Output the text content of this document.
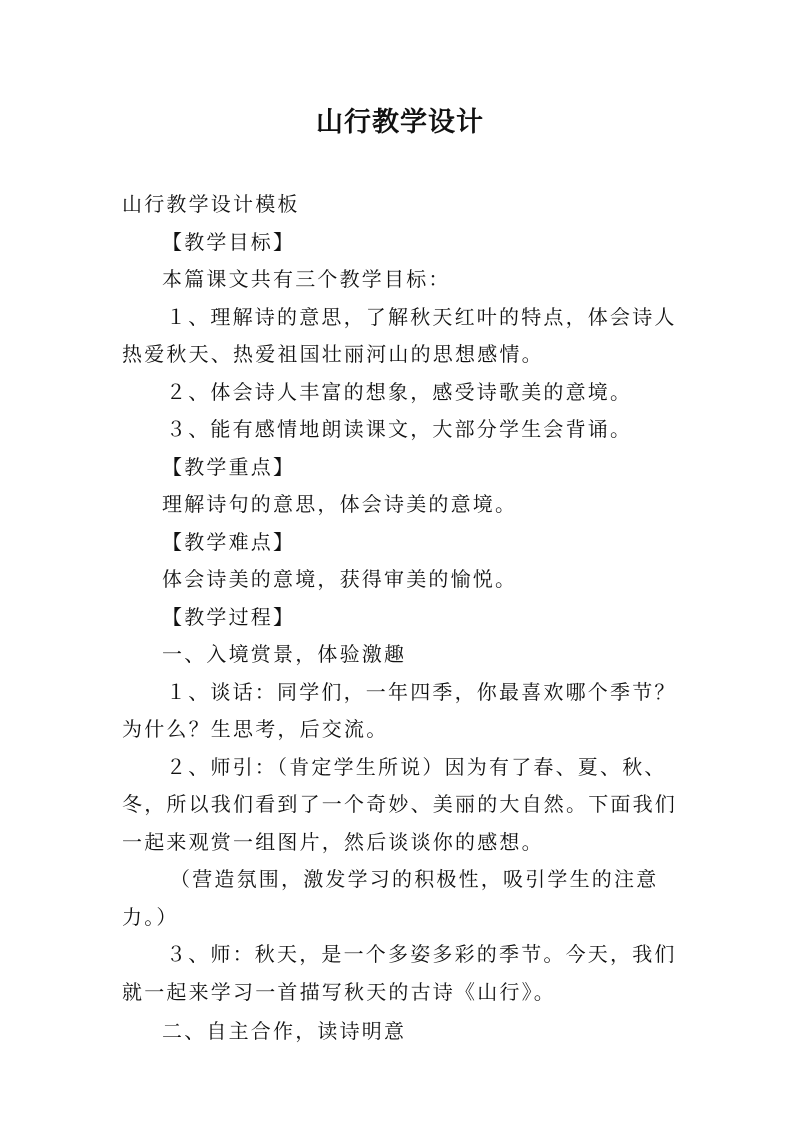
山行教学设计

山行教学设计模板

【教学目标】

本篇课文共有三个教学目标：

１、理解诗的意思，了解秋天红叶的特点，体会诗人热爱秋天、热爱祖国壮丽河山的思想感情。

２、体会诗人丰富的想象，感受诗歌美的意境。

３、能有感情地朗读课文，大部分学生会背诵。

【教学重点】

理解诗句的意思，体会诗美的意境。

【教学难点】

体会诗美的意境，获得审美的愉悦。

【教学过程】

一、入境赏景，体验激趣

１、谈话：同学们，一年四季，你最喜欢哪个季节？为什么？生思考，后交流。

２、师引：（肯定学生所说）因为有了春、夏、秋、冬，所以我们看到了一个奇妙、美丽的大自然。下面我们一起来观赏一组图片，然后谈谈你的感想。

（营造氛围，激发学习的积极性，吸引学生的注意力。）

３、师：秋天，是一个多姿多彩的季节。今天，我们就一起来学习一首描写秋天的古诗《山行》。

二、自主合作，读诗明意
